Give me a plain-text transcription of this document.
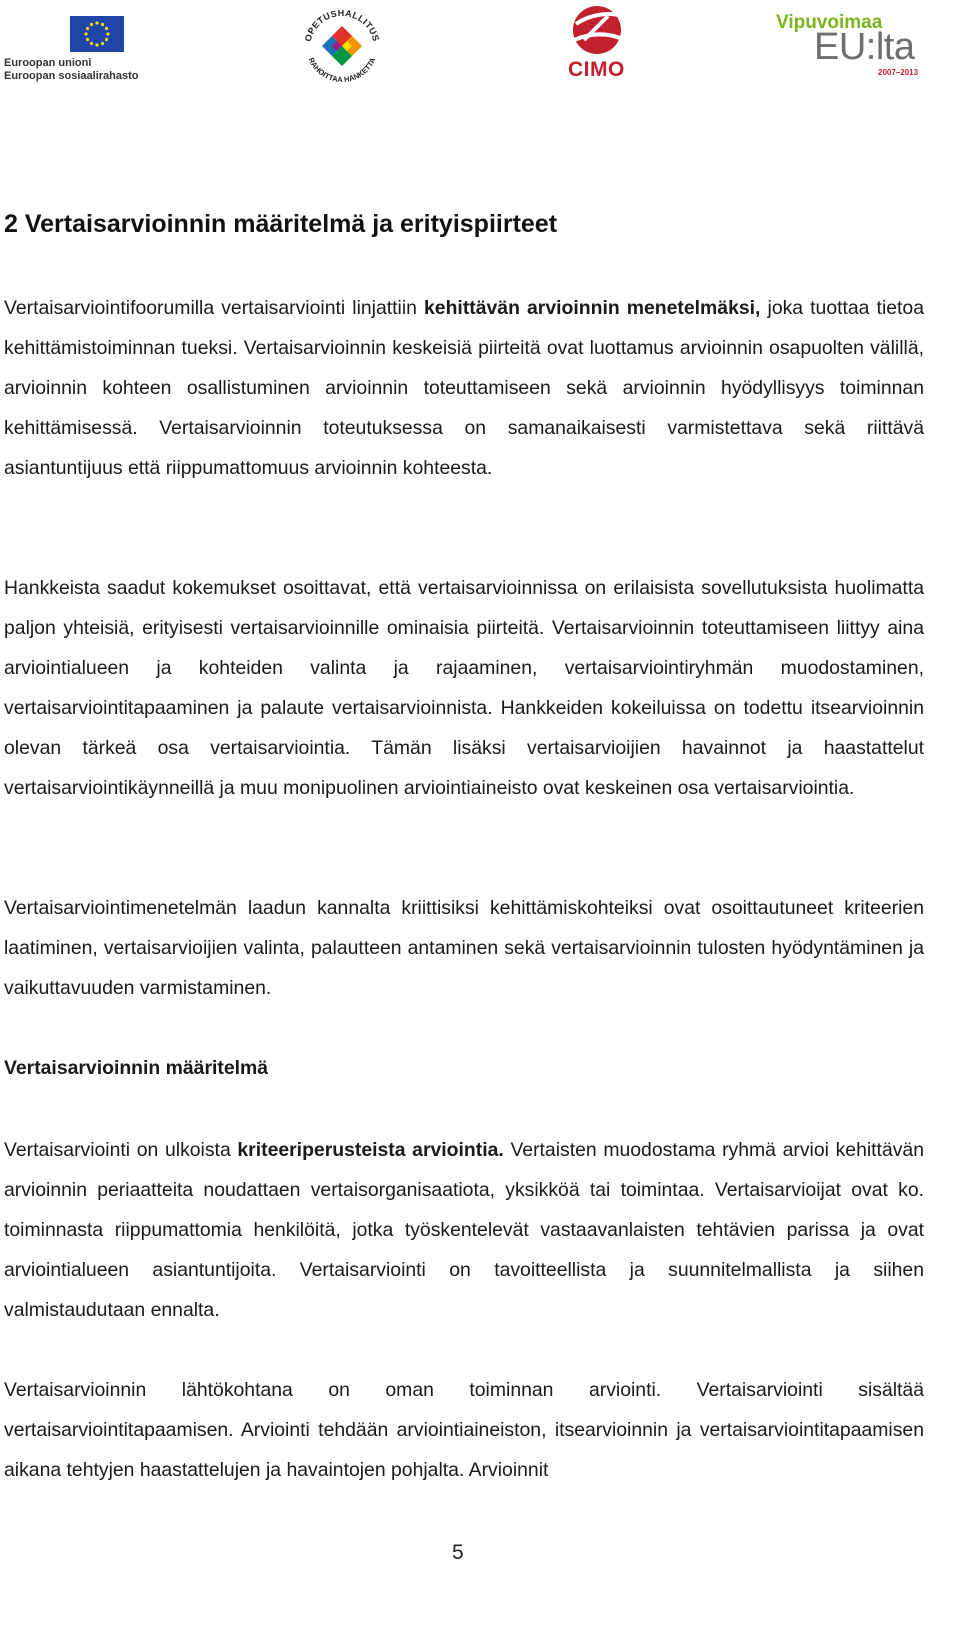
Euroopan unioni
Euroopan sosiaalirahasto
OPETUSHALLITUS
RAHOITTAA HANKETTA	CIMO
Vipuvoimaa
EU:lta
2007–2013
2 Vertaisarvioinnin määritelmä ja erityispiirteet
Vertaisarviointifoorumilla vertaisarviointi linjattiin kehittävän arvioinnin menetelmäksi, joka tuottaa tietoa kehittämistoiminnan tueksi. Vertaisarvioinnin keskeisiä piirteitä ovat luottamus arvioinnin osapuolten välillä, arvioinnin kohteen osallistuminen arvioinnin toteuttamiseen sekä arvioinnin hyödyllisyys toiminnan kehittämisessä. Vertaisarvioinnin toteutuksessa on samanaikaisesti varmistettava sekä riittävä asiantuntijuus että riippumattomuus arvioinnin kohteesta.
Hankkeista saadut kokemukset osoittavat, että vertaisarvioinnissa on erilaisista sovellutuksista huolimatta paljon yhteisiä, erityisesti vertaisarvioinnille ominaisia piirteitä. Vertaisarvioinnin toteuttamiseen liittyy aina arviointialueen ja kohteiden valinta ja rajaaminen, vertaisarviointiryhmän muodostaminen, vertaisarviointitapaaminen ja palaute vertaisarvioinnista. Hankkeiden kokeiluissa on todettu itsearvioinnin olevan tärkeä osa vertaisarviointia. Tämän lisäksi vertaisarvioijien havainnot ja haastattelut vertaisarviointikäynneillä ja muu monipuolinen arviointiaineisto ovat keskeinen osa vertaisarviointia.
Vertaisarviointimenetelmän laadun kannalta kriittisiksi kehittämiskohteiksi ovat osoittautuneet kriteerien laatiminen, vertaisarvioijien valinta, palautteen antaminen sekä vertaisarvioinnin tulosten hyödyntäminen ja vaikuttavuuden varmistaminen.
Vertaisarvioinnin määritelmä
Vertaisarviointi on ulkoista kriteeriperusteista arviointia. Vertaisten muodostama ryhmä arvioi kehittävän arvioinnin periaatteita noudattaen vertaisorganisaatiota, yksikköä tai toimintaa. Vertaisarvioijat ovat ko. toiminnasta riippumattomia henkilöitä, jotka työskentelevät vastaavanlaisten tehtävien parissa ja ovat arviointialueen asiantuntijoita. Vertaisarviointi on tavoitteellista ja suunnitelmallista ja siihen valmistaudutaan ennalta.
Vertaisarvioinnin lähtökohtana on oman toiminnan arviointi. Vertaisarviointi sisältää vertaisarviointitapaamisen. Arviointi tehdään arviointiaineiston, itsearvioinnin ja vertaisarviointitapaamisen aikana tehtyjen haastattelujen ja havaintojen pohjalta. Arvioinnit
5
